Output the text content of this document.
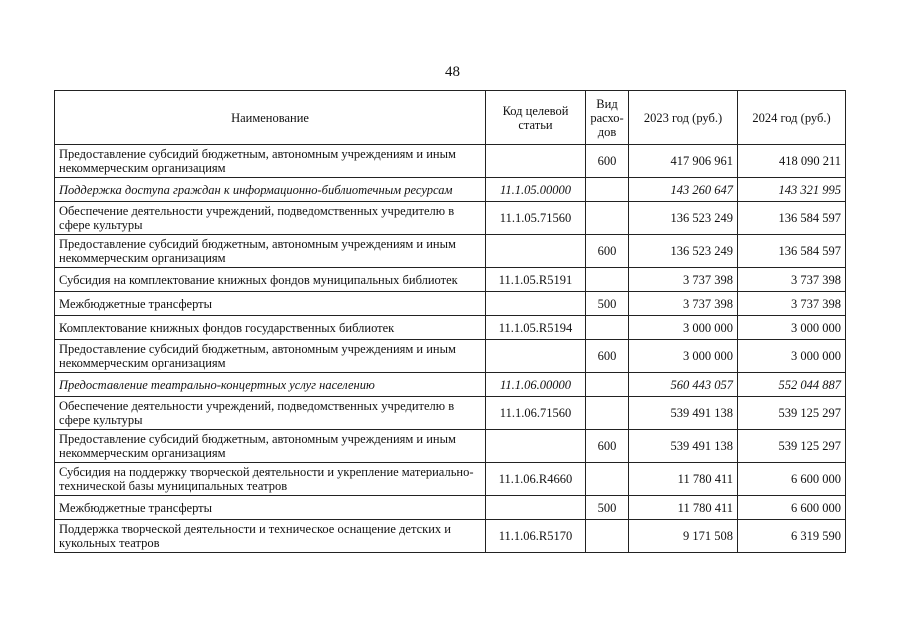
48
Наименование	Код целевой статьи	Вид расхо-дов	2023 год (руб.)	2024 год (руб.)
Предоставление субсидий бюджетным, автономным учреждениям и иным некоммерческим организациям		600	417 906 961	418 090 211
Поддержка доступа граждан к информационно-библиотечным ресурсам	11.1.05.00000		143 260 647	143 321 995
Обеспечение деятельности учреждений, подведомственных учредителю в сфере культуры	11.1.05.71560		136 523 249	136 584 597
Предоставление субсидий бюджетным, автономным учреждениям и иным некоммерческим организациям		600	136 523 249	136 584 597
Субсидия на комплектование книжных фондов муниципальных библиотек	11.1.05.R5191		3 737 398	3 737 398
Межбюджетные трансферты		500	3 737 398	3 737 398
Комплектование книжных фондов государственных библиотек	11.1.05.R5194		3 000 000	3 000 000
Предоставление субсидий бюджетным, автономным учреждениям и иным некоммерческим организациям		600	3 000 000	3 000 000
Предоставление театрально-концертных услуг населению	11.1.06.00000		560 443 057	552 044 887
Обеспечение деятельности учреждений, подведомственных учредителю в сфере культуры	11.1.06.71560		539 491 138	539 125 297
Предоставление субсидий бюджетным, автономным учреждениям и иным некоммерческим организациям		600	539 491 138	539 125 297
Субсидия на поддержку творческой деятельности и укрепление материально-технической базы муниципальных театров	11.1.06.R4660		11 780 411	6 600 000
Межбюджетные трансферты		500	11 780 411	6 600 000
Поддержка творческой деятельности и техническое оснащение детских и кукольных театров	11.1.06.R5170		9 171 508	6 319 590
